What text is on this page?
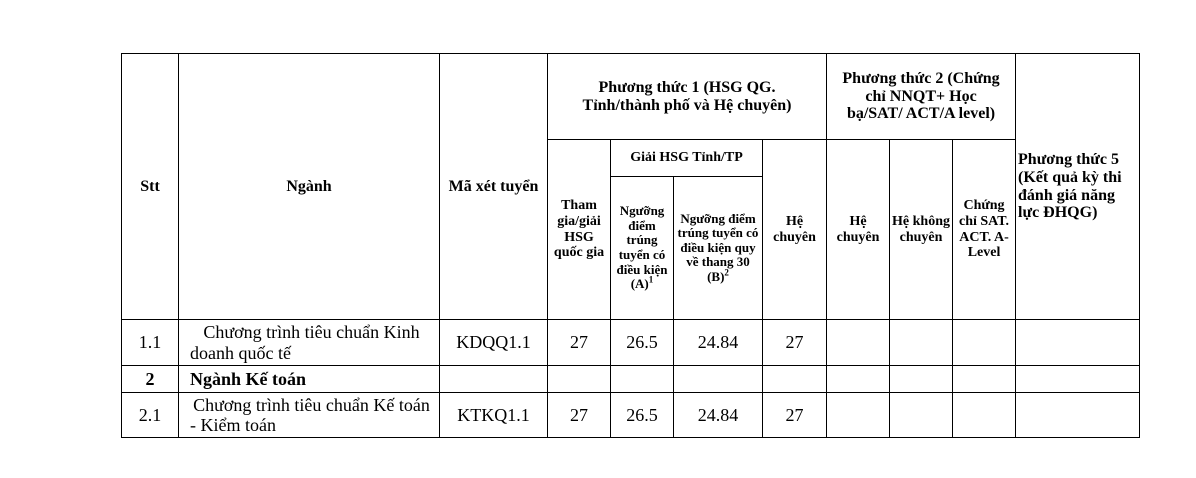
Stt	Ngành	Mã xét tuyển	Phương thức 1 (HSG QG. Tỉnh/thành phố và Hệ chuyên)				Phương thức 2 (Chứng chỉ NNQT+ Học bạ/SAT/ ACT/A level)			Phương thức 5 (Kết quả kỳ thi đánh giá năng lực ĐHQG)
			Tham gia/giải HSG quốc gia	Giải HSG Tỉnh/TP		Hệ chuyên	Hệ chuyên	Hệ không chuyên	Chứng chỉ SAT. ACT. A-Level	
				Ngưỡng điểm trúng tuyển có điều kiện $(A)^1$	Ngưỡng điểm trúng tuyển có điều kiện quy về thang 30 $(B)^2$
1.1	Chương trình tiêu chuẩn Kinh doanh quốc tế	KDQQ1.1	27	26.5	24.84	27				
2	Ngành Kế toán									
2.1	Chương trình tiêu chuẩn Kế toán - Kiểm toán	KTKQ1.1	27	26.5	24.84	27				
